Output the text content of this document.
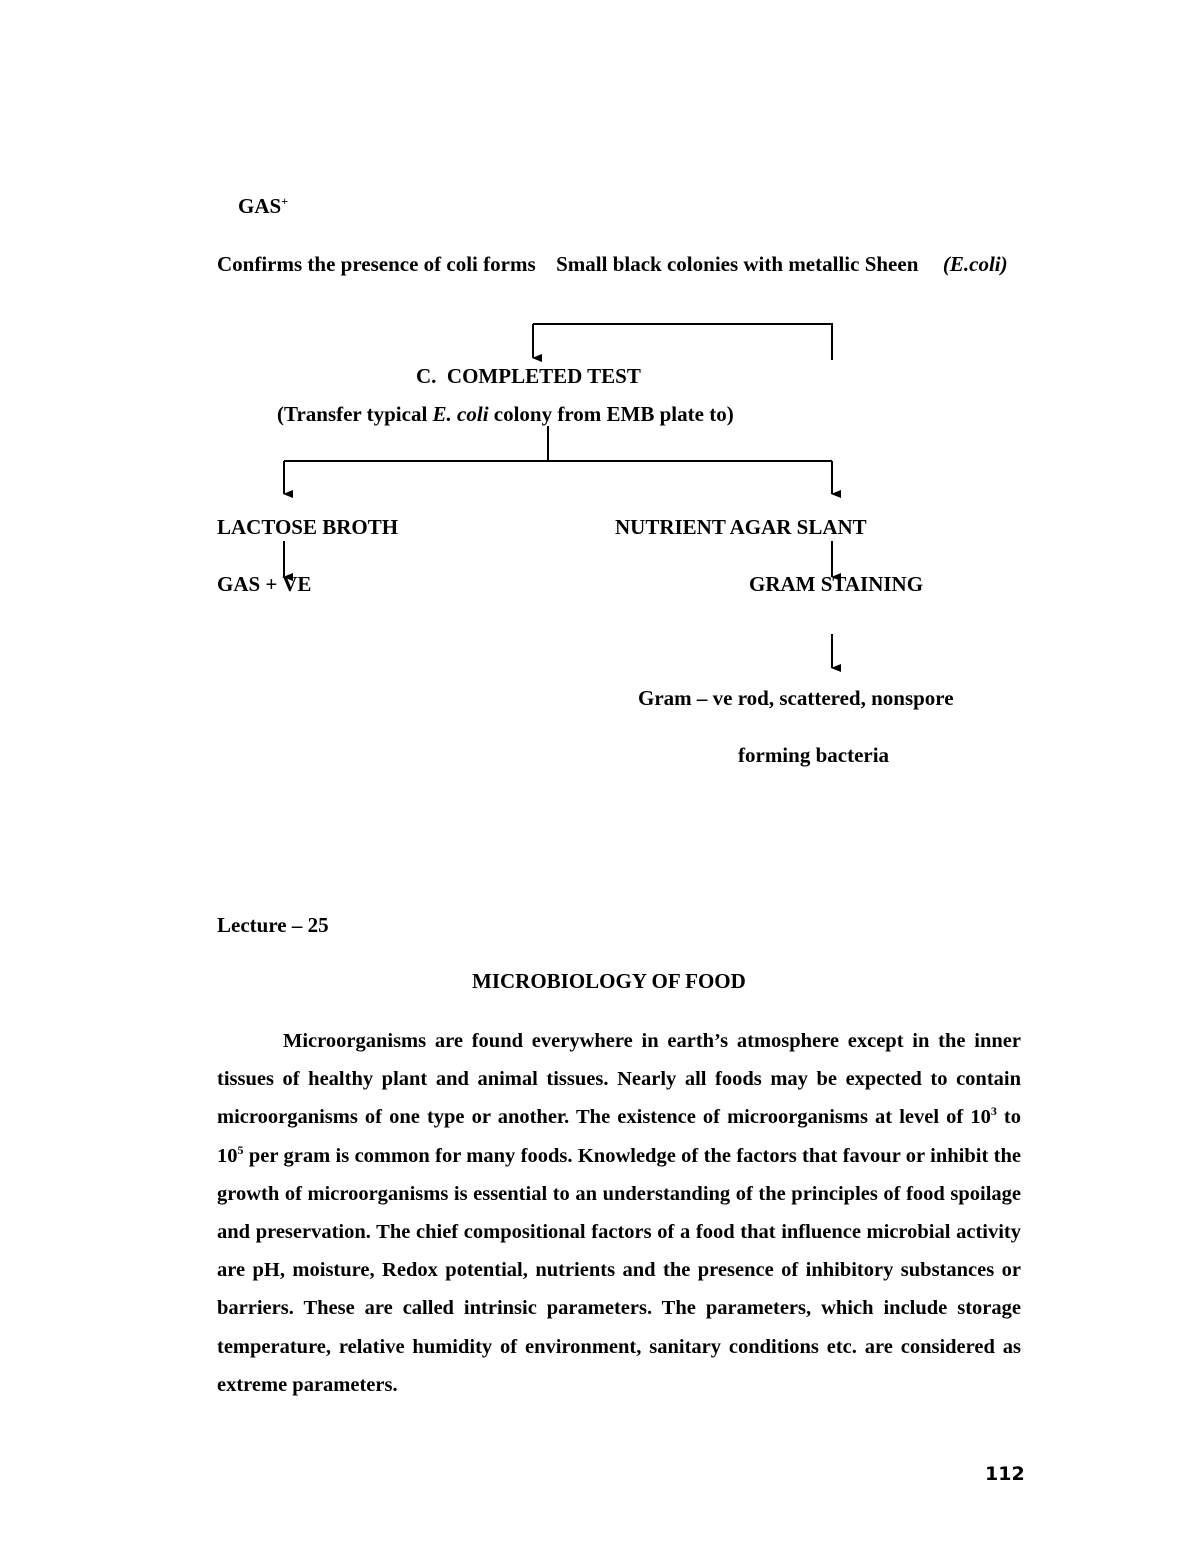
GAS+
Confirms the presence of coli forms Small black colonies with metallic Sheen (E.coli)
C. COMPLETED TEST
(Transfer typical E. coli colony from EMB plate to)
LACTOSE BROTH	NUTRIENT AGAR SLANT
GAS + VE	GRAM STAINING
Gram – ve rod, scattered, nonspore
forming bacteria
Lecture – 25
MICROBIOLOGY OF FOOD
Microorganisms are found everywhere in earth’s atmosphere except in the inner tissues of healthy plant and animal tissues. Nearly all foods may be expected to contain microorganisms of one type or another. The existence of microorganisms at level of $10^3$ to $10^5$ per gram is common for many foods. Knowledge of the factors that favour or inhibit the growth of microorganisms is essential to an understanding of the principles of food spoilage and preservation. The chief compositional factors of a food that influence microbial activity are pH, moisture, Redox potential, nutrients and the presence of inhibitory substances or barriers. These are called intrinsic parameters. The parameters, which include storage temperature, relative humidity of environment, sanitary conditions etc. are considered as extreme parameters.
112
